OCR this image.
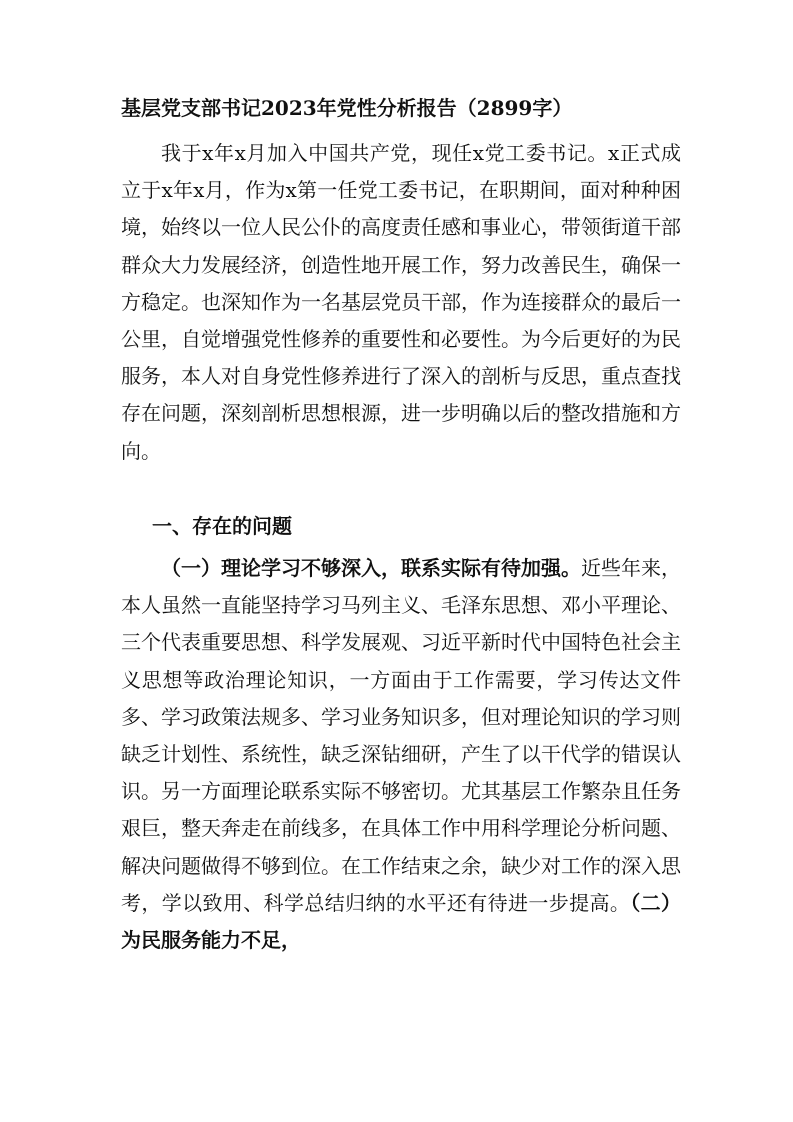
基层党支部书记2023年党性分析报告（2899字）

我于x年x月加入中国共产党，现任x党工委书记。x正式成立于x年x月，作为x第一任党工委书记，在职期间，面对种种困境，始终以一位人民公仆的高度责任感和事业心，带领街道干部群众大力发展经济，创造性地开展工作，努力改善民生，确保一方稳定。也深知作为一名基层党员干部，作为连接群众的最后一公里，自觉增强党性修养的重要性和必要性。为今后更好的为民服务，本人对自身党性修养进行了深入的剖析与反思，重点查找存在问题，深刻剖析思想根源，进一步明确以后的整改措施和方向。

一、存在的问题

（一）理论学习不够深入，联系实际有待加强。近些年来，本人虽然一直能坚持学习马列主义、毛泽东思想、邓小平理论、三个代表重要思想、科学发展观、习近平新时代中国特色社会主义思想等政治理论知识，一方面由于工作需要，学习传达文件多、学习政策法规多、学习业务知识多，但对理论知识的学习则缺乏计划性、系统性，缺乏深钻细研，产生了以干代学的错误认识。另一方面理论联系实际不够密切。尤其基层工作繁杂且任务艰巨，整天奔走在前线多，在具体工作中用科学理论分析问题、解决问题做得不够到位。在工作结束之余，缺少对工作的深入思考，学以致用、科学总结归纳的水平还有待进一步提高。（二）为民服务能力不足，
